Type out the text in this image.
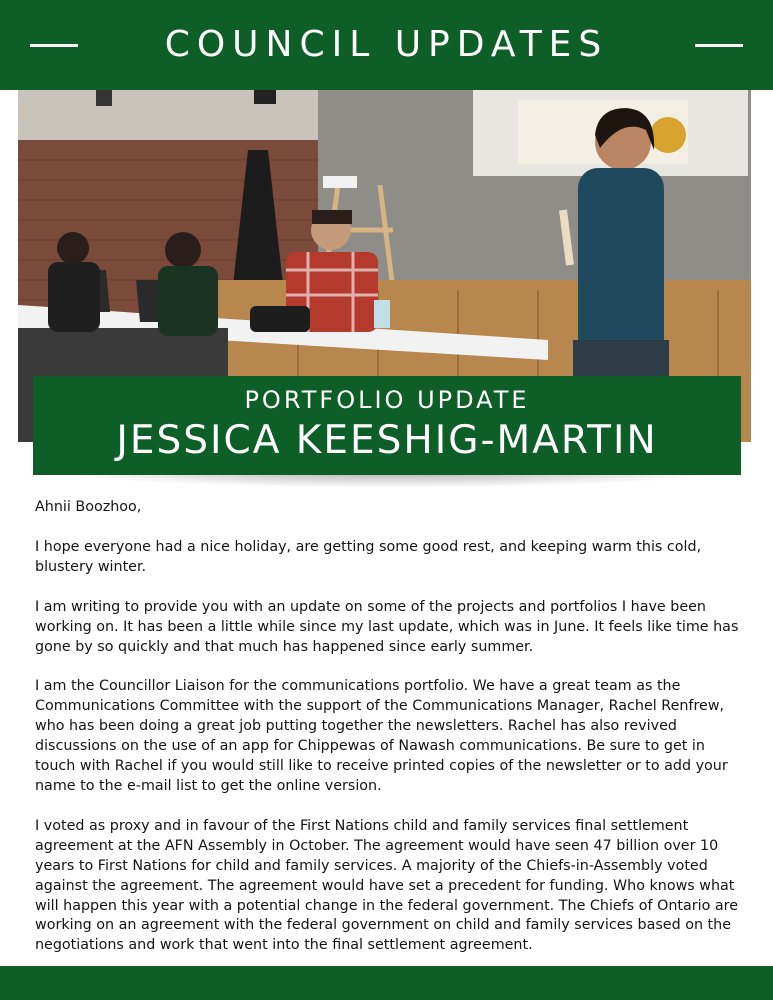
COUNCIL UPDATES
PORTFOLIO UPDATE
JESSICA KEESHIG-MARTIN

Ahnii Boozhoo,

I hope everyone had a nice holiday, are getting some good rest, and keeping warm this cold, blustery winter.

I am writing to provide you with an update on some of the projects and portfolios I have been working on. It has been a little while since my last update, which was in June. It feels like time has gone by so quickly and that much has happened since early summer.

I am the Councillor Liaison for the communications portfolio. We have a great team as the Communications Committee with the support of the Communications Manager, Rachel Renfrew, who has been doing a great job putting together the newsletters. Rachel has also revived discussions on the use of an app for Chippewas of Nawash communications. Be sure to get in touch with Rachel if you would still like to receive printed copies of the newsletter or to add your name to the e-mail list to get the online version.

I voted as proxy and in favour of the First Nations child and family services final settlement agreement at the AFN Assembly in October. The agreement would have seen 47 billion over 10 years to First Nations for child and family services. A majority of the Chiefs-in-Assembly voted against the agreement. The agreement would have set a precedent for funding. Who knows what will happen this year with a potential change in the federal government. The Chiefs of Ontario are working on an agreement with the federal government on child and family services based on the negotiations and work that went into the final settlement agreement.
